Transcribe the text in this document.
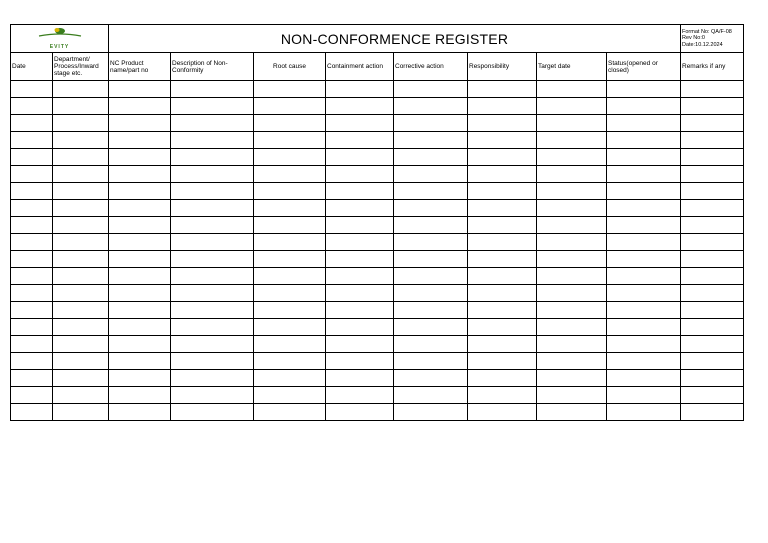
EVITY		NON-CONFORMENCE REGISTER								Format No: QA/F-08
Rev No:0
Date:10.12.2024

Date	Department/ Process/Inward stage etc.	NC Product name/part no	Description of Non-Conformity	Root cause	Containment action	Corrective action	Responsibility	Target date	Status(opened or closed)	Remarks if any
